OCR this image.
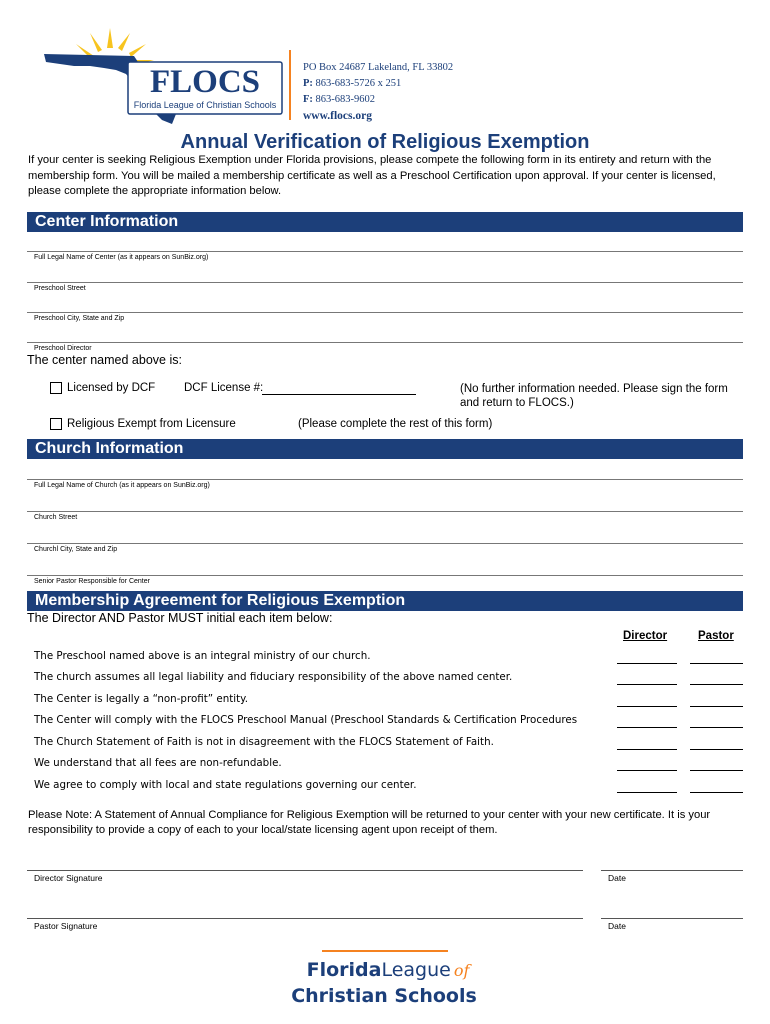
FLOCS
Florida League of Christian Schools
PO Box 24687 Lakeland, FL 33802
P: 863-683-5726 x 251
F: 863-683-9602
www.flocs.org
Annual Verification of Religious Exemption
If your center is seeking Religious Exemption under Florida provisions, please compete the following form in its entirety and return with the membership form. You will be mailed a membership certificate as well as a Preschool Certification upon approval. If your center is licensed, please complete the appropriate information below.
Center Information
Full Legal Name of Center (as it appears on SunBiz.org)
Preschool Street
Preschool City, State and Zip
Preschool Director
The center named above is:
Licensed by DCF	DCF License #:	(No further information needed. Please sign the form and return to FLOCS.)
Religious Exempt from Licensure	(Please complete the rest of this form)
Church Information
Full Legal Name of Church (as it appears on SunBiz.org)
Church Street
Churchl City, State and Zip
Senior Pastor Responsible for Center
Membership Agreement for Religious Exemption
The Director AND Pastor MUST initial each item below:
Director	Pastor
The Preschool named above is an integral ministry of our church.
The church assumes all legal liability and fiduciary responsibility of the above named center.
The Center is legally a “non-profit” entity.
The Center will comply with the FLOCS Preschool Manual (Preschool Standards & Certification Procedures
The Church Statement of Faith is not in disagreement with the FLOCS Statement of Faith.
We understand that all fees are non-refundable.
We agree to comply with local and state regulations governing our center.
Please Note: A Statement of Annual Compliance for Religious Exemption will be returned to your center with your new certificate. It is your responsibility to provide a copy of each to your local/state licensing agent upon receipt of them.
Director Signature	Date
Pastor Signature	Date
FloridaLeague of
Christian Schools
